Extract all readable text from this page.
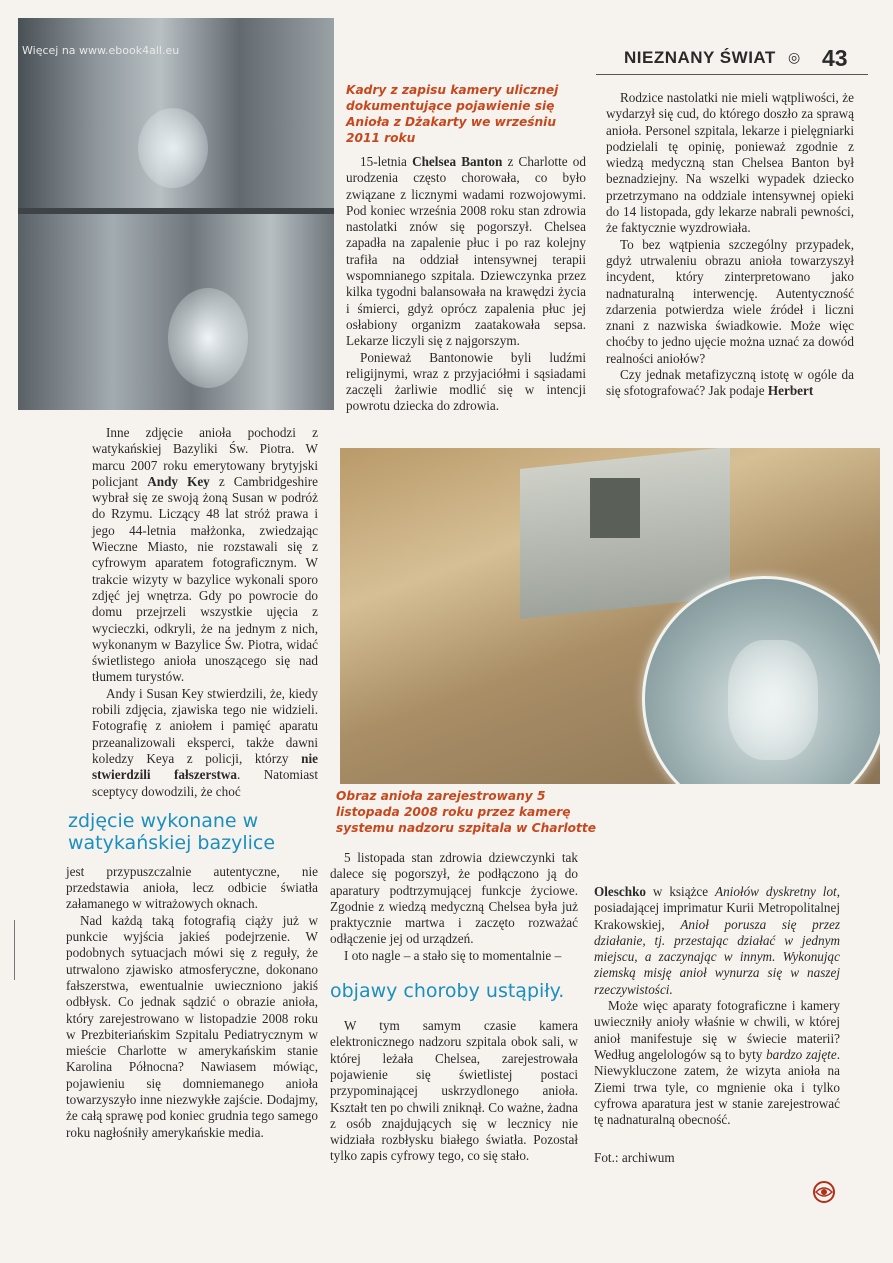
NIEZNANY ŚWIAT ◎ 43
Więcej na www.ebook4all.eu
Kadry z zapisu kamery ulicznej dokumentujące pojawienie się Anioła z Dżakarty we wrześniu 2011 roku

15-letnia Chelsea Banton z Charlotte od urodzenia często chorowała, co było związane z licznymi wadami rozwojowymi. Pod koniec września 2008 roku stan zdrowia nastolatki znów się pogorszył. Chelsea zapadła na zapalenie płuc i po raz kolejny trafiła na oddział intensywnej terapii wspomnianego szpitala. Dziewczynka przez kilka tygodni balansowała na krawędzi życia i śmierci, gdyż oprócz zapalenia płuc jej osłabiony organizm zaatakowała sepsa. Lekarze liczyli się z najgorszym.

Ponieważ Bantonowie byli ludźmi religijnymi, wraz z przyjaciółmi i sąsiadami zaczęli żarliwie modlić się w intencji powrotu dziecka do zdrowia.

Rodzice nastolatki nie mieli wątpliwości, że wydarzył się cud, do którego doszło za sprawą anioła. Personel szpitala, lekarze i pielęgniarki podzielali tę opinię, ponieważ zgodnie z wiedzą medyczną stan Chelsea Banton był beznadziejny. Na wszelki wypadek dziecko przetrzymano na oddziale intensywnej opieki do 14 listopada, gdy lekarze nabrali pewności, że faktycznie wyzdrowiała.

To bez wątpienia szczególny przypadek, gdyż utrwaleniu obrazu anioła towarzyszył incydent, który zinterpretowano jako nadnaturalną interwencję. Autentyczność zdarzenia potwierdza wiele źródeł i liczni znani z nazwiska świadkowie. Może więc choćby to jedno ujęcie można uznać za dowód realności aniołów?

Czy jednak metafizyczną istotę w ogóle da się sfotografować? Jak podaje Herbert

Inne zdjęcie anioła pochodzi z watykańskiej Bazyliki Św. Piotra. W marcu 2007 roku emerytowany brytyjski policjant Andy Key z Cambridgeshire wybrał się ze swoją żoną Susan w podróż do Rzymu. Liczący 48 lat stróż prawa i jego 44-letnia małżonka, zwiedzając Wieczne Miasto, nie rozstawali się z cyfrowym aparatem fotograficznym. W trakcie wizyty w bazylice wykonali sporo zdjęć jej wnętrza. Gdy po powrocie do domu przejrzeli wszystkie ujęcia z wycieczki, odkryli, że na jednym z nich, wykonanym w Bazylice Św. Piotra, widać świetlistego anioła unoszącego się nad tłumem turystów.

Andy i Susan Key stwierdzili, że, kiedy robili zdjęcia, zjawiska tego nie widzieli. Fotografię z aniołem i pamięć aparatu przeanalizowali eksperci, także dawni koledzy Keya z policji, którzy nie stwierdzili fałszerstwa. Natomiast sceptycy dowodzili, że choć

zdjęcie wykonane w watykańskiej bazylice

jest przypuszczalnie autentyczne, nie przedstawia anioła, lecz odbicie światła załamanego w witrażowych oknach.

Nad każdą taką fotografią ciąży już w punkcie wyjścia jakieś podejrzenie. W podobnych sytuacjach mówi się z reguły, że utrwalono zjawisko atmosferyczne, dokonano fałszerstwa, ewentualnie uwieczniono jakiś odbłysk. Co jednak sądzić o obrazie anioła, który zarejestrowano w listopadzie 2008 roku w Prezbiteriańskim Szpitalu Pediatrycznym w mieście Charlotte w amerykańskim stanie Karolina Północna? Nawiasem mówiąc, pojawieniu się domniemanego anioła towarzyszyło inne niezwykłe zajście. Dodajmy, że całą sprawę pod koniec grudnia tego samego roku nagłośniły amerykańskie media.

Obraz anioła zarejestrowany 5 listopada 2008 roku przez kamerę systemu nadzoru szpitala w Charlotte

5 listopada stan zdrowia dziewczynki tak dalece się pogorszył, że podłączono ją do aparatury podtrzymującej funkcje życiowe. Zgodnie z wiedzą medyczną Chelsea była już praktycznie martwa i zaczęto rozważać odłączenie jej od urządzeń.

I oto nagle – a stało się to momentalnie –

objawy choroby ustąpiły.

W tym samym czasie kamera elektronicznego nadzoru szpitala obok sali, w której leżała Chelsea, zarejestrowała pojawienie się świetlistej postaci przypominającej uskrzydlonego anioła. Kształt ten po chwili zniknął. Co ważne, żadna z osób znajdujących się w lecznicy nie widziała rozbłysku białego światła. Pozostał tylko zapis cyfrowy tego, co się stało.

Oleschko w książce Aniołów dyskretny lot, posiadającej imprimatur Kurii Metropolitalnej Krakowskiej, Anioł porusza się przez działanie, tj. przestając działać w jednym miejscu, a zaczynając w innym. Wykonując ziemską misję anioł wynurza się w naszej rzeczywistości.

Może więc aparaty fotograficzne i kamery uwieczniły anioły właśnie w chwili, w której anioł manifestuje się w świecie materii? Według angelologów są to byty bardzo zajęte. Niewykluczone zatem, że wizyta anioła na Ziemi trwa tyle, co mgnienie oka i tylko cyfrowa aparatura jest w stanie zarejestrować tę nadnaturalną obecność.

Fot.: archiwum
